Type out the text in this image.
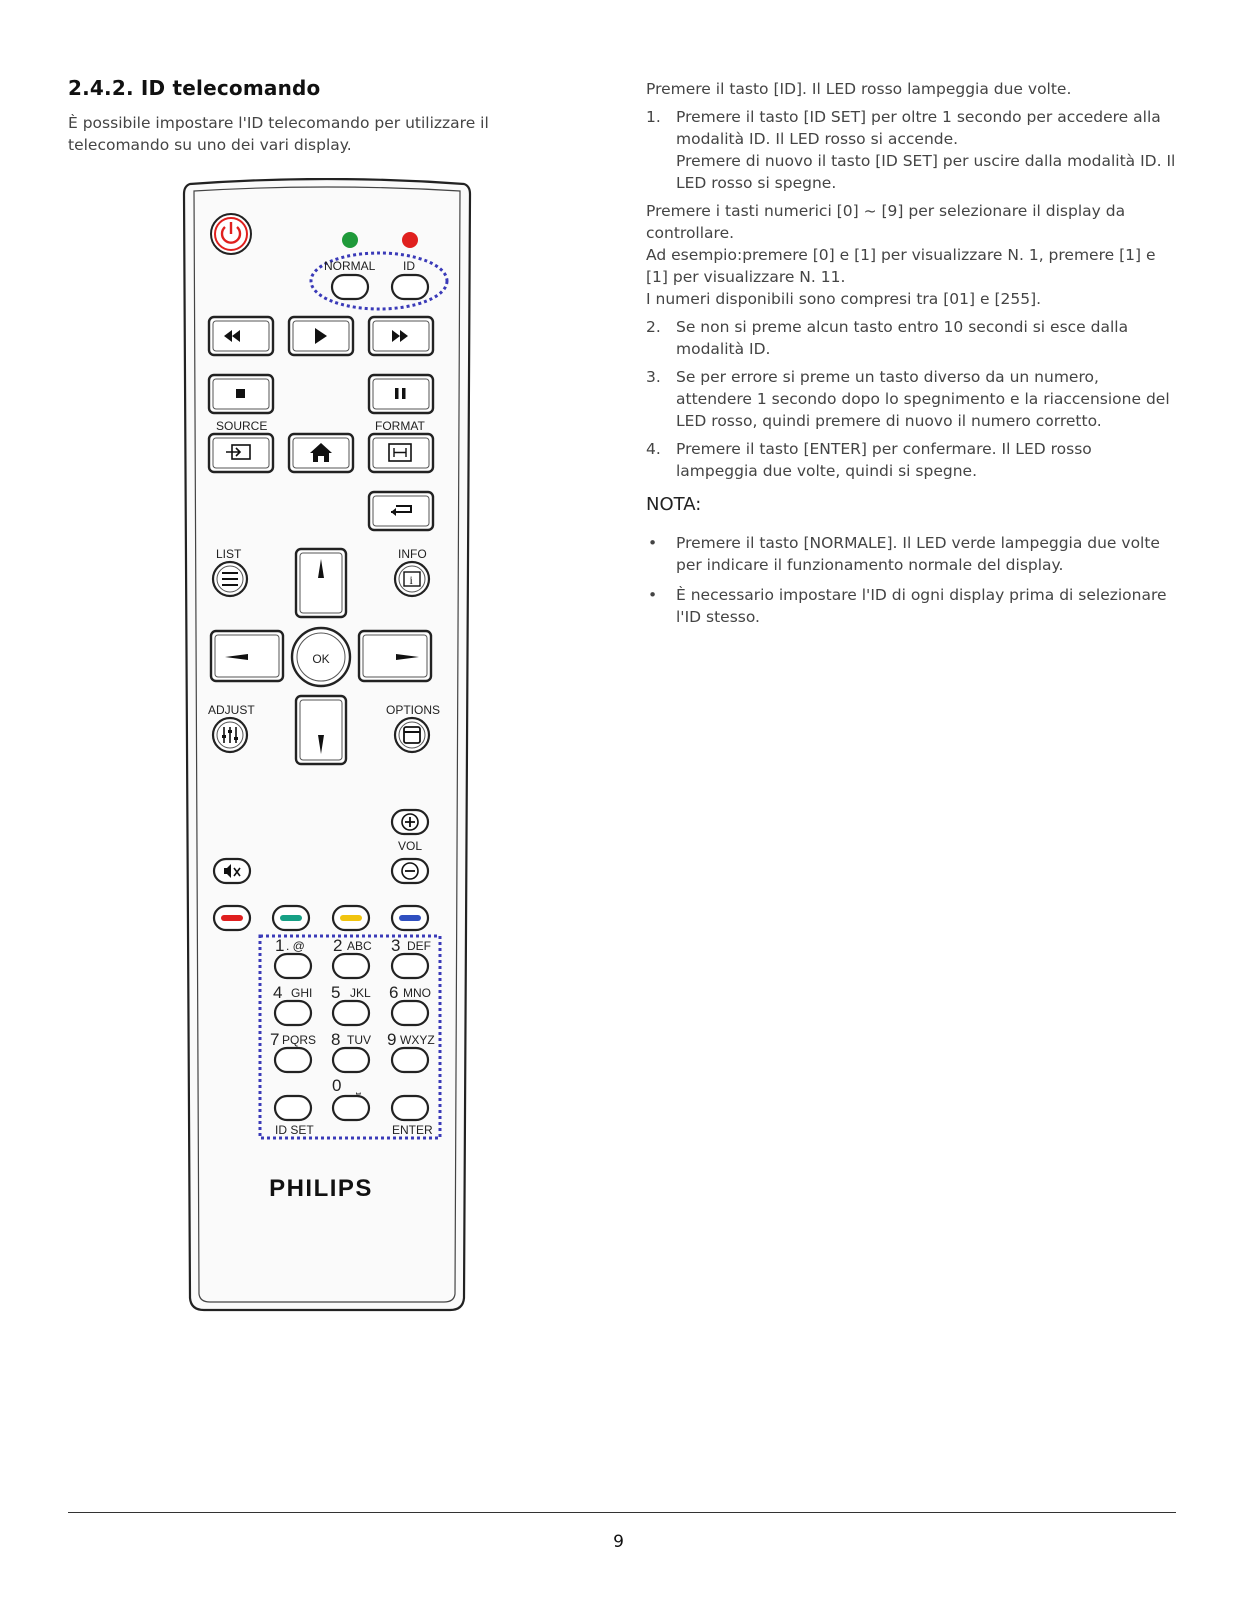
2.4.2. ID telecomando
È possibile impostare l'ID telecomando per utilizzare il telecomando su uno dei vari display.
NORMAL ID
SOURCE	FORMAT
LIST	INFO
i
OK
ADJUST	OPTIONS
VOL
1 . @ 2 ABC 3 DEF
4 GHI 5 JKL 6 MNO
7 PQRS 8 TUV 9 WXYZ
0 ⎵
ID SET	ENTER
PHILIPS

Premere il tasto [ID]. Il LED rosso lampeggia due volte.

1. Premere il tasto [ID SET] per oltre 1 secondo per accedere alla modalità ID. Il LED rosso si accende.
Premere di nuovo il tasto [ID SET] per uscire dalla modalità ID. Il LED rosso si spegne.

Premere i tasti numerici [0] ~ [9] per selezionare il display da controllare.

Ad esempio:premere [0] e [1] per visualizzare N. 1, premere [1] e [1] per visualizzare N. 11.

I numeri disponibili sono compresi tra [01] e [255].

2. Se non si preme alcun tasto entro 10 secondi si esce dalla modalità ID.
3. Se per errore si preme un tasto diverso da un numero, attendere 1 secondo dopo lo spegnimento e la riaccensione del LED rosso, quindi premere di nuovo il numero corretto.
4. Premere il tasto [ENTER] per confermare. Il LED rosso lampeggia due volte, quindi si spegne.
NOTA:
• Premere il tasto [NORMALE]. Il LED verde lampeggia due volte per indicare il funzionamento normale del display.
• È necessario impostare l'ID di ogni display prima di selezionare l'ID stesso.
9
